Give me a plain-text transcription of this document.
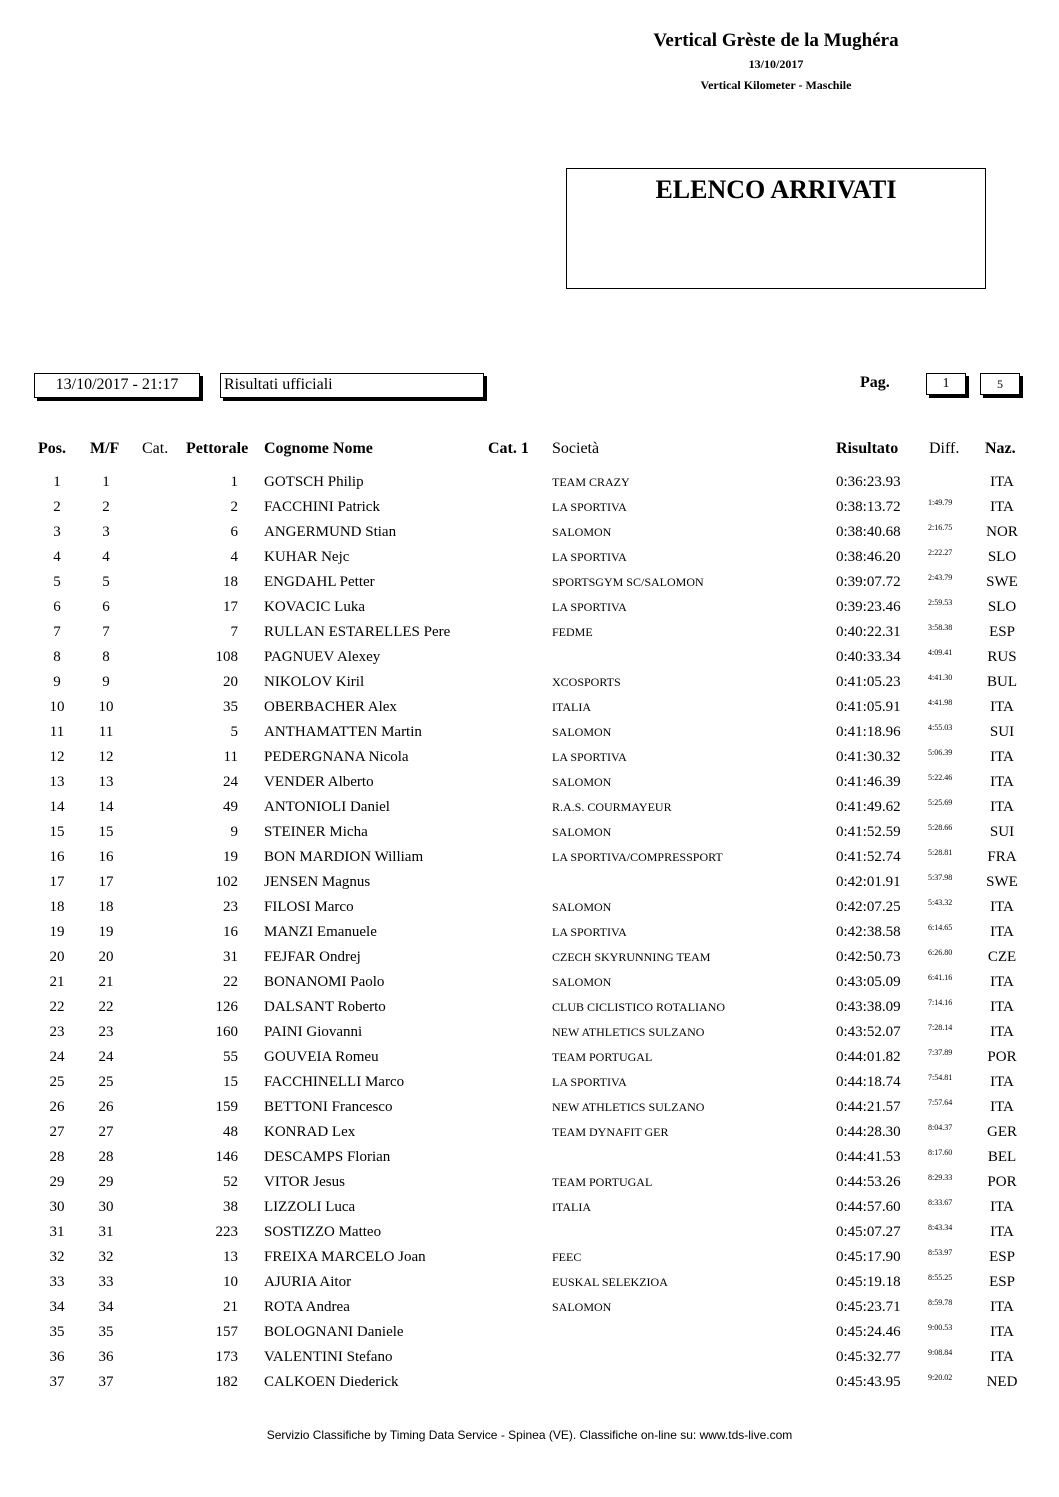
Vertical Grèste de la Mughéra
13/10/2017
Vertical Kilometer - Maschile
ELENCO ARRIVATI
13/10/2017 - 21:17	Risultati ufficiali	Pag.	1	5
Pos. M/F Cat. Pettorale Cognome Nome	Cat. 1 Società	Risultato Diff. Naz.
1	1	1 GOTSCH Philip	TEAM CRAZY	0:36:23.93	ITA
2	2	2 FACCHINI Patrick	LA SPORTIVA	0:38:13.72	1:49.79	ITA
3	3	6 ANGERMUND Stian	SALOMON	0:38:40.68	2:16.75	NOR
4	4	4 KUHAR Nejc	LA SPORTIVA	0:38:46.20	2:22.27	SLO
5	5	18 ENGDAHL Petter	SPORTSGYM SC/SALOMON	0:39:07.72	2:43.79	SWE
6	6	17 KOVACIC Luka	LA SPORTIVA	0:39:23.46	2:59.53	SLO
7	7	7 RULLAN ESTARELLES Pere	FEDME	0:40:22.31	3:58.38	ESP
8	8	108 PAGNUEV Alexey	0:40:33.34	4:09.41	RUS
9	9	20 NIKOLOV Kiril	XCOSPORTS	0:41:05.23	4:41.30	BUL
10	10	35 OBERBACHER Alex	ITALIA	0:41:05.91	4:41.98	ITA
11	11	5 ANTHAMATTEN Martin	SALOMON	0:41:18.96	4:55.03	SUI
12	12	11 PEDERGNANA Nicola	LA SPORTIVA	0:41:30.32	5:06.39	ITA
13	13	24 VENDER Alberto	SALOMON	0:41:46.39	5:22.46	ITA
14	14	49 ANTONIOLI Daniel	R.A.S. COURMAYEUR	0:41:49.62	5:25.69	ITA
15	15	9 STEINER Micha	SALOMON	0:41:52.59	5:28.66	SUI
16	16	19 BON MARDION William	LA SPORTIVA/COMPRESSPORT	0:41:52.74	5:28.81	FRA
17	17	102 JENSEN Magnus	0:42:01.91	5:37.98	SWE
18	18	23 FILOSI Marco	SALOMON	0:42:07.25	5:43.32	ITA
19	19	16 MANZI Emanuele	LA SPORTIVA	0:42:38.58	6:14.65	ITA
20	20	31 FEJFAR Ondrej	CZECH SKYRUNNING TEAM	0:42:50.73	6:26.80	CZE
21	21	22 BONANOMI Paolo	SALOMON	0:43:05.09	6:41.16	ITA
22	22	126 DALSANT Roberto	CLUB CICLISTICO ROTALIANO	0:43:38.09	7:14.16	ITA
23	23	160 PAINI Giovanni	NEW ATHLETICS SULZANO	0:43:52.07	7:28.14	ITA
24	24	55 GOUVEIA Romeu	TEAM PORTUGAL	0:44:01.82	7:37.89	POR
25	25	15 FACCHINELLI Marco	LA SPORTIVA	0:44:18.74	7:54.81	ITA
26	26	159 BETTONI Francesco	NEW ATHLETICS SULZANO	0:44:21.57	7:57.64	ITA
27	27	48 KONRAD Lex	TEAM DYNAFIT GER	0:44:28.30	8:04.37	GER
28	28	146 DESCAMPS Florian	0:44:41.53	8:17.60	BEL
29	29	52 VITOR Jesus	TEAM PORTUGAL	0:44:53.26	8:29.33	POR
30	30	38 LIZZOLI Luca	ITALIA	0:44:57.60	8:33.67	ITA
31	31	223 SOSTIZZO Matteo	0:45:07.27	8:43.34	ITA
32	32	13 FREIXA MARCELO Joan	FEEC	0:45:17.90	8:53.97	ESP
33	33	10 AJURIA Aitor	EUSKAL SELEKZIOA	0:45:19.18	8:55.25	ESP
34	34	21 ROTA Andrea	SALOMON	0:45:23.71	8:59.78	ITA
35	35	157 BOLOGNANI Daniele	0:45:24.46	9:00.53	ITA
36	36	173 VALENTINI Stefano	0:45:32.77	9:08.84	ITA
37	37	182 CALKOEN Diederick	0:45:43.95	9:20.02	NED
Servizio Classifiche by Timing Data Service - Spinea (VE). Classifiche on-line su: www.tds-live.com
